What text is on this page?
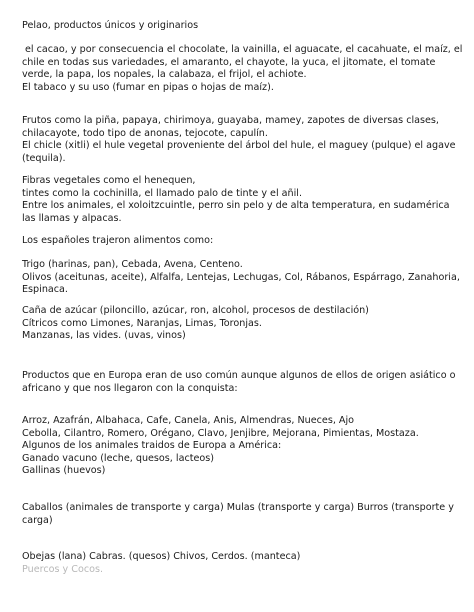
Pelao, productos únicos y originarios
el cacao, y por consecuencia el chocolate, la vainilla, el aguacate, el cacahuate, el maíz, el
chile en todas sus variedades, el amaranto, el chayote, la yuca, el jitomate, el tomate
verde, la papa, los nopales, la calabaza, el frijol, el achiote.
El tabaco y su uso (fumar en pipas o hojas de maíz).
Frutos como la piña, papaya, chirimoya, guayaba, mamey, zapotes de diversas clases,
chilacayote, todo tipo de anonas, tejocote, capulín.
El chicle (xitli) el hule vegetal proveniente del árbol del hule, el maguey (pulque) el agave
(tequila).
Fibras vegetales como el henequen,
tintes como la cochinilla, el llamado palo de tinte y el añil.
Entre los animales, el xoloitzcuintle, perro sin pelo y de alta temperatura, en sudamérica
las llamas y alpacas.
Los españoles trajeron alimentos como:
Trigo (harinas, pan), Cebada, Avena, Centeno.
Olivos (aceitunas, aceite), Alfalfa, Lentejas, Lechugas, Col, Rábanos, Espárrago, Zanahoria,
Espinaca.
Caña de azúcar (piloncillo, azúcar, ron, alcohol, procesos de destilación)
Cítricos como Limones, Naranjas, Limas, Toronjas.
Manzanas, las vides. (uvas, vinos)
Productos que en Europa eran de uso común aunque algunos de ellos de origen asiático o
africano y que nos llegaron con la conquista:
Arroz, Azafrán, Albahaca, Cafe, Canela, Anis, Almendras, Nueces, Ajo
Cebolla, Cilantro, Romero, Orégano, Clavo, Jenjibre, Mejorana, Pimientas, Mostaza.
Algunos de los animales traidos de Europa a América:
Ganado vacuno (leche, quesos, lacteos)
Gallinas (huevos)
Caballos (animales de transporte y carga) Mulas (transporte y carga) Burros (transporte y
carga)
Obejas (lana) Cabras. (quesos) Chivos, Cerdos. (manteca)
Puercos y Cocos.
